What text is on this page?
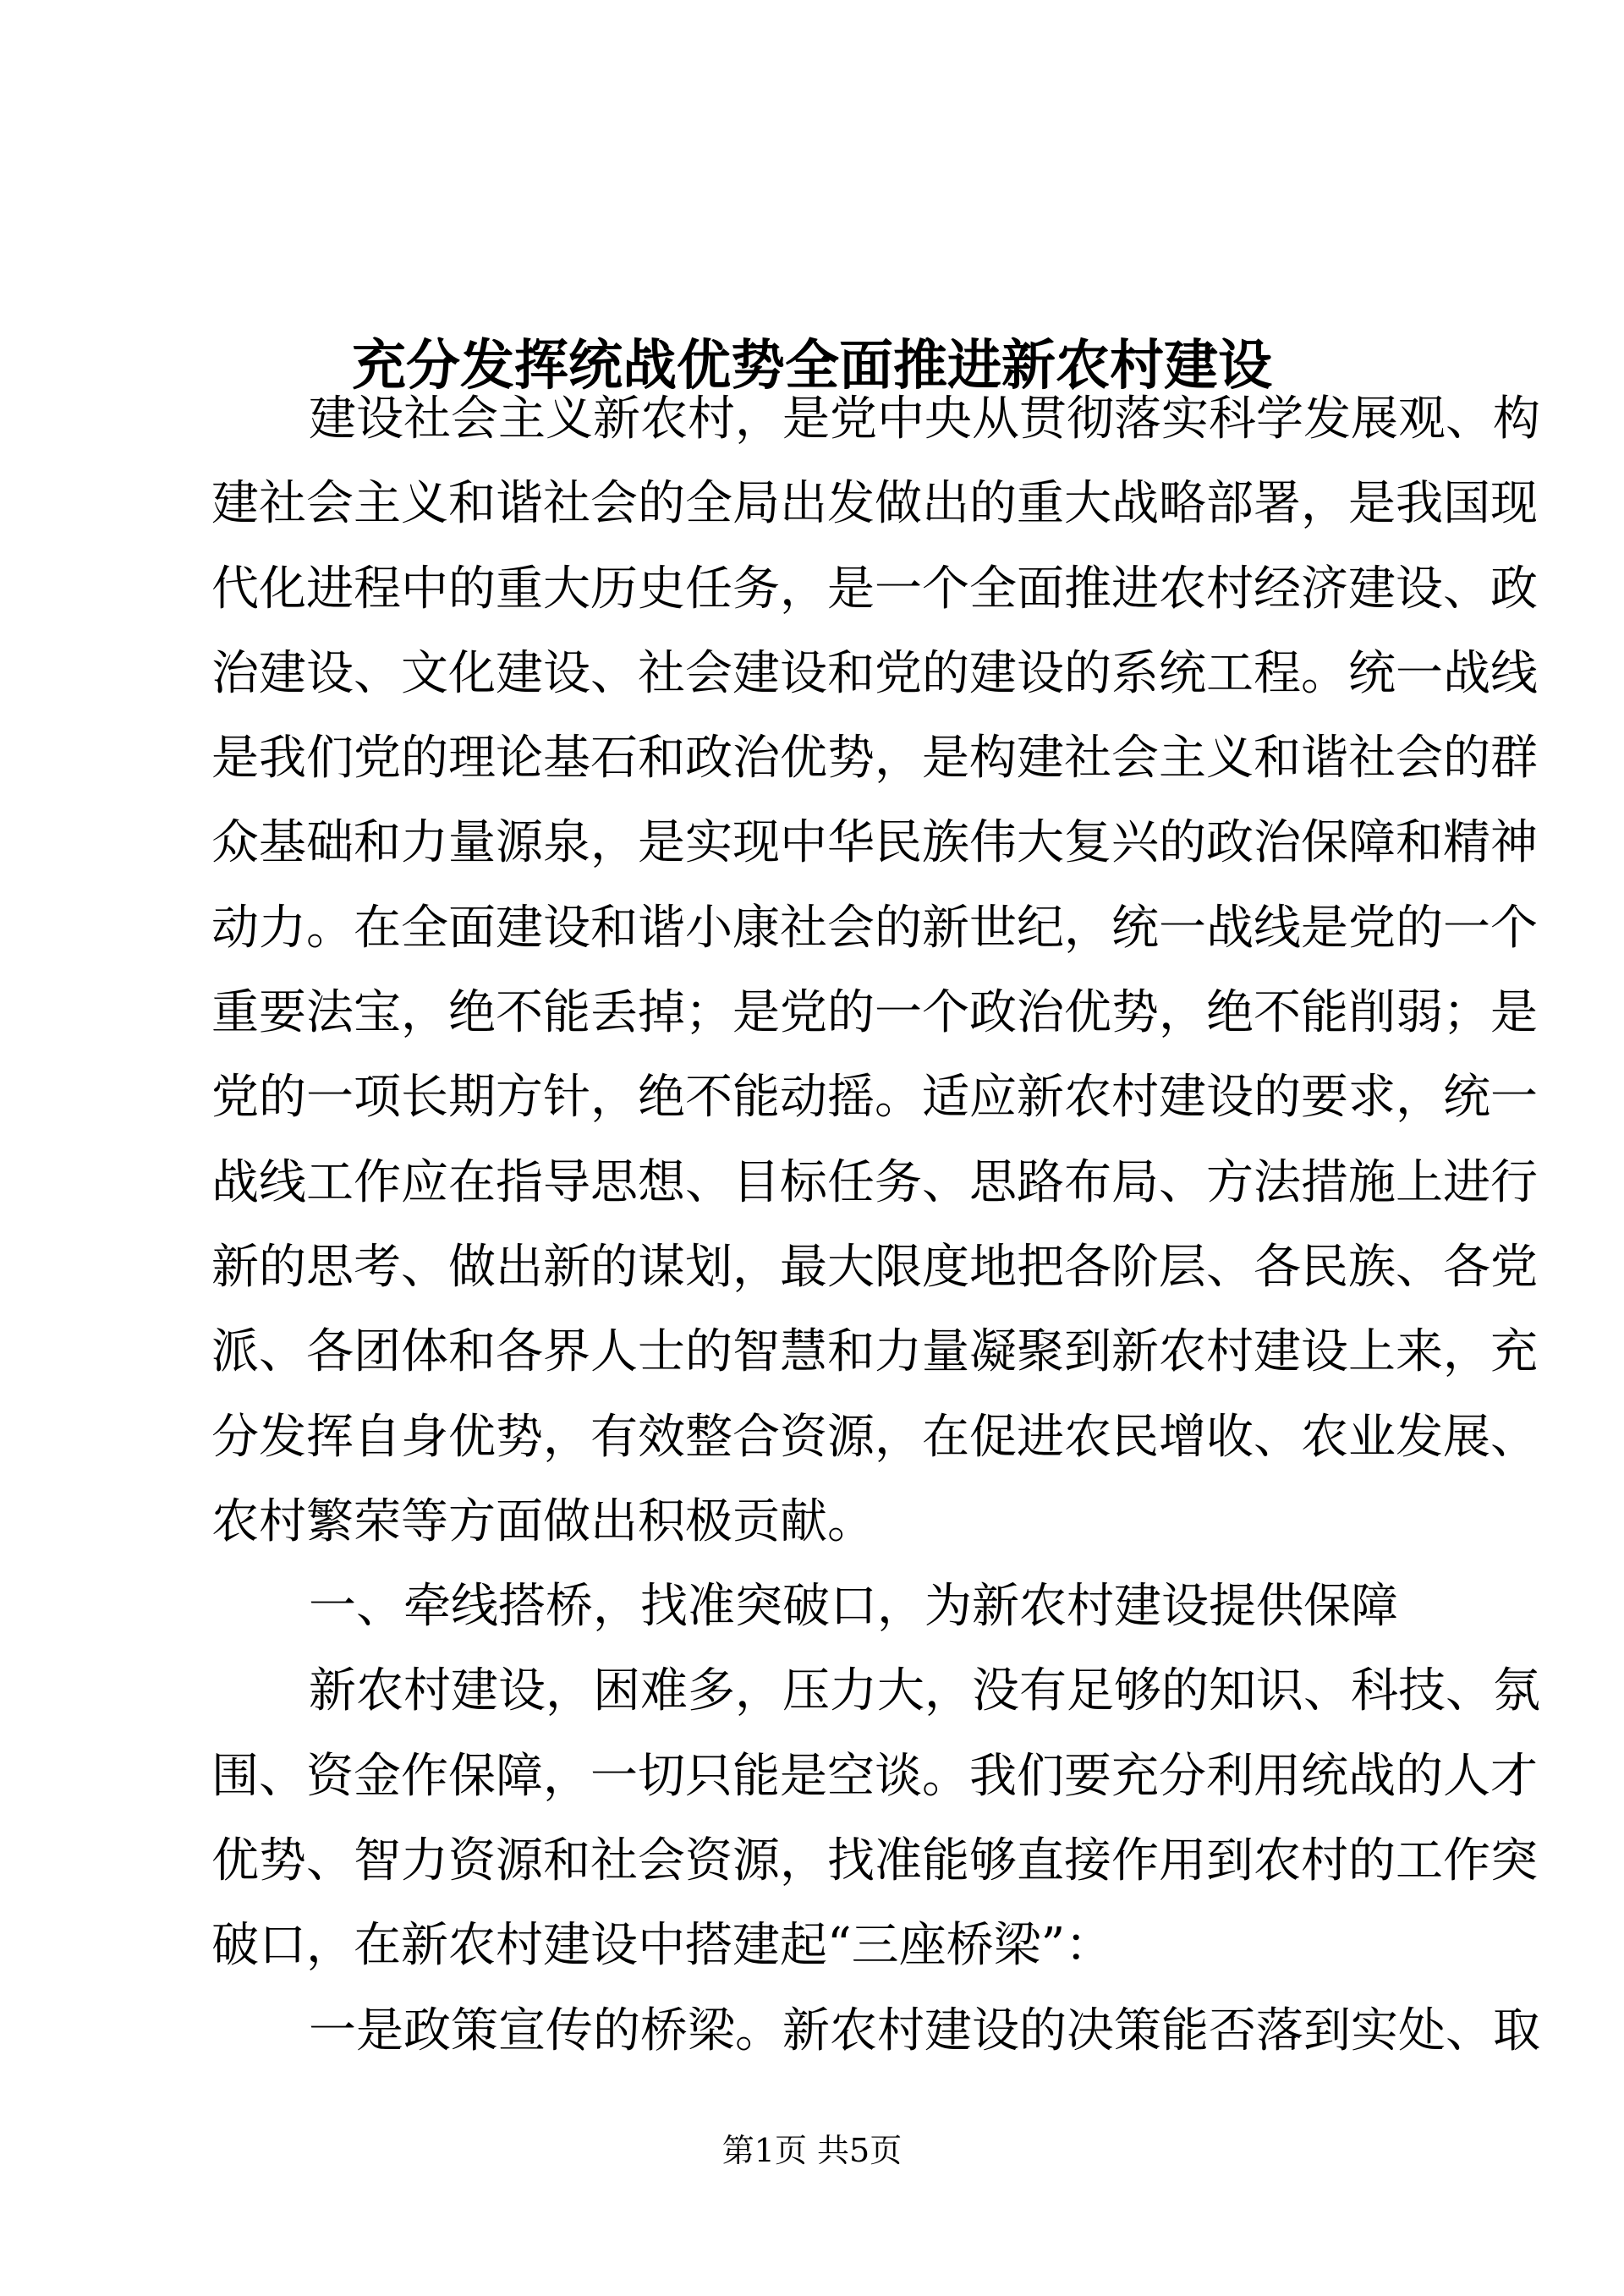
充分发挥统战优势全面推进新农村建设
建设社会主义新农村，是党中央从贯彻落实科学发展观、构
建社会主义和谐社会的全局出发做出的重大战略部署，是我国现
代化进程中的重大历史任务，是一个全面推进农村经济建设、政
治建设、文化建设、社会建设和党的建设的系统工程。统一战线
是我们党的理论基石和政治优势，是构建社会主义和谐社会的群
众基础和力量源泉，是实现中华民族伟大复兴的政治保障和精神
动力。在全面建设和谐小康社会的新世纪，统一战线是党的一个
重要法宝，绝不能丢掉；是党的一个政治优势，绝不能削弱；是
党的一项长期方针，绝不能动摇。适应新农村建设的要求，统一
战线工作应在指导思想、目标任务、思路布局、方法措施上进行
新的思考、做出新的谋划，最大限度地把各阶层、各民族、各党
派、各团体和各界人士的智慧和力量凝聚到新农村建设上来，充
分发挥自身优势，有效整合资源，在促进农民增收、农业发展、
农村繁荣等方面做出积极贡献。
一、牵线搭桥，找准突破口，为新农村建设提供保障
新农村建设，困难多，压力大，没有足够的知识、科技、氛
围、资金作保障，一切只能是空谈。我们要充分利用统战的人才
优势、智力资源和社会资源，找准能够直接作用到农村的工作突
破口，在新农村建设中搭建起“三座桥梁”：
一是政策宣传的桥梁。新农村建设的决策能否落到实处、取
第1页 共5页
